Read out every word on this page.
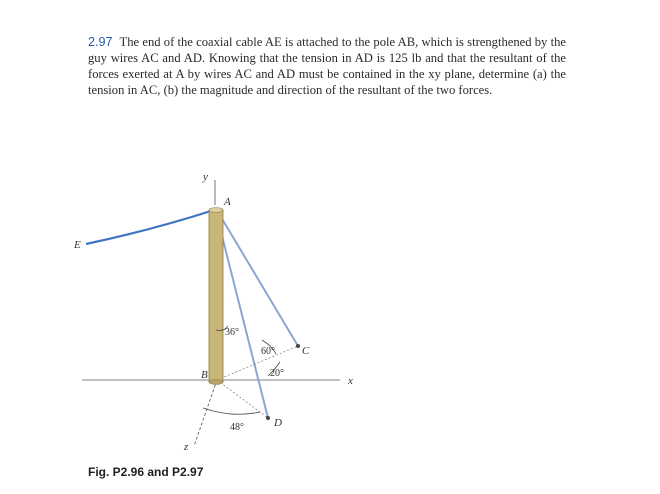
2.97 The end of the coaxial cable AE is attached to the pole AB, which is strengthened by the guy wires AC and AD. Knowing that the tension in AD is 125 lb and that the resultant of the forces exerted at A by wires AC and AD must be contained in the xy plane, determine (a) the tension in AC, (b) the magnitude and direction of the resultant of the two forces.
y
A
E
B
C
D
x
z
36°
60°
20°
48°
Fig. P2.96 and P2.97
